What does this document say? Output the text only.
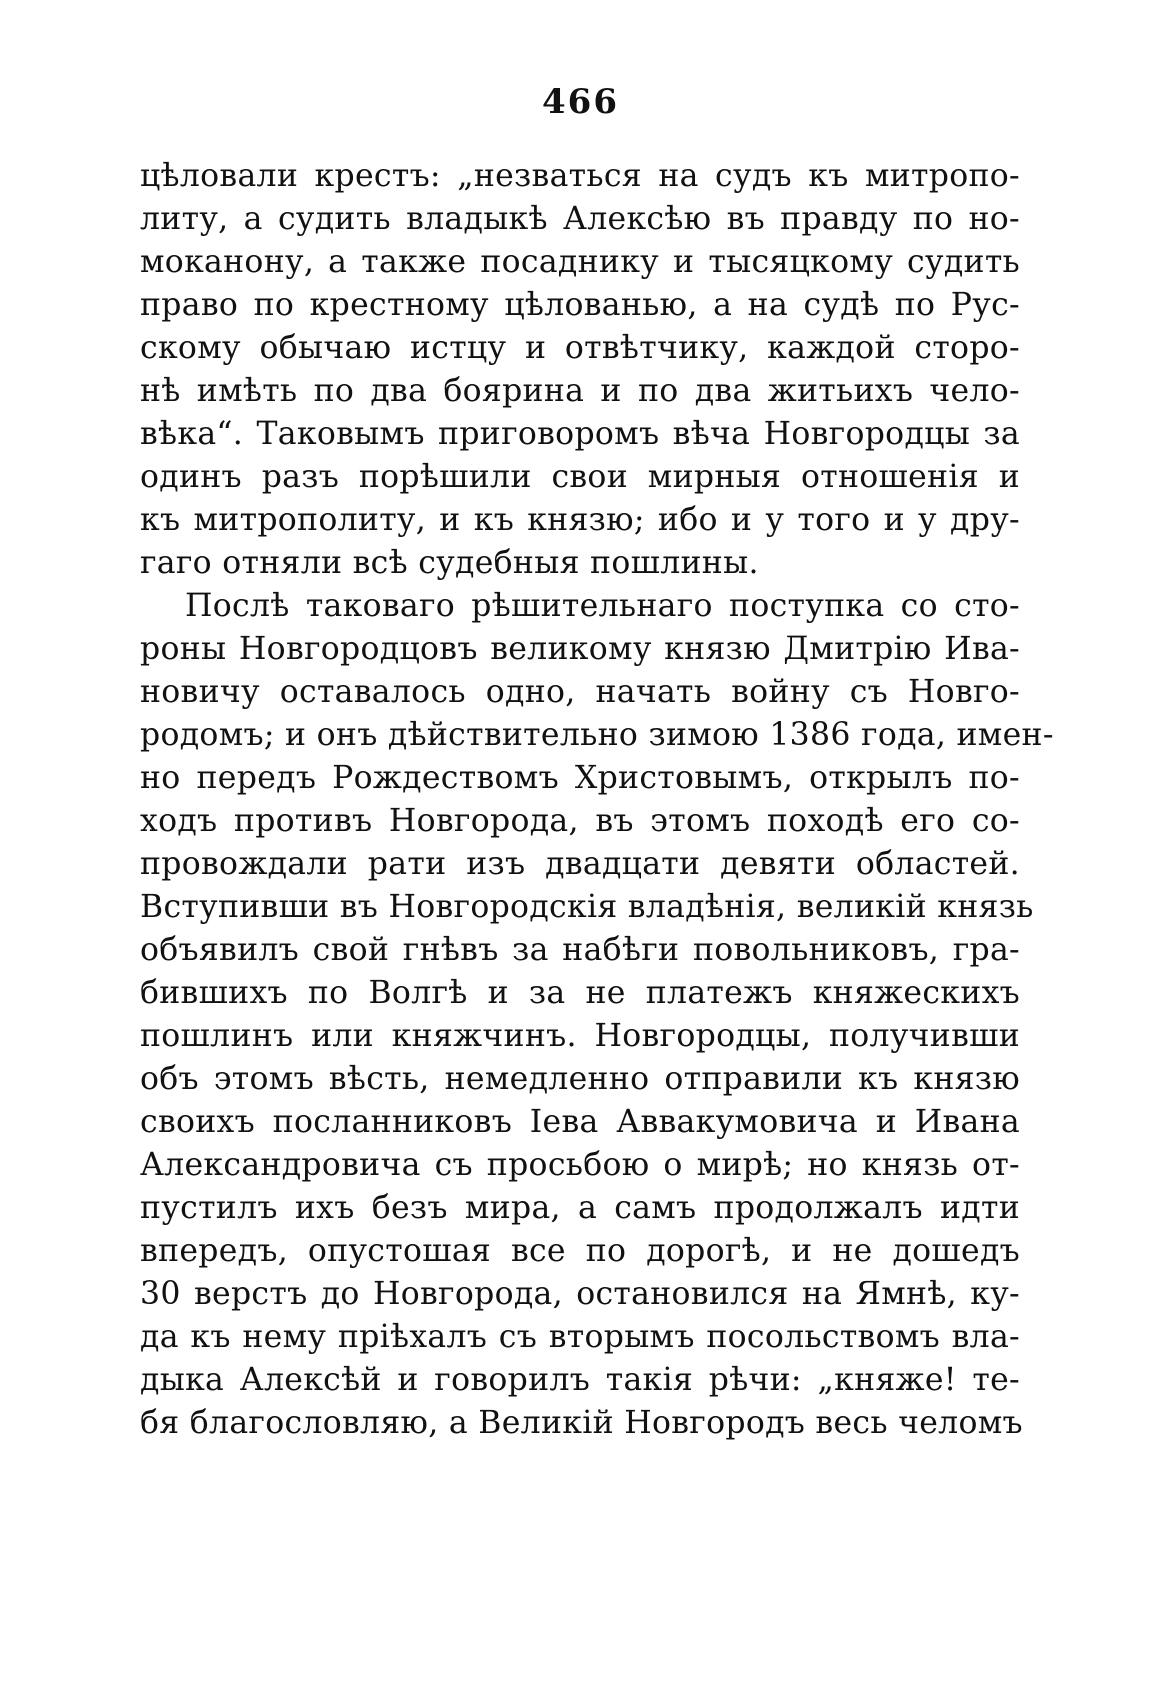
466
цѣловали крестъ: „незваться на судъ къ митропо-
литу, а судить владыкѣ Алексѣю въ правду по но-
моканону, а также посаднику и тысяцкому судить
право по крестному цѣлованью, а на судѣ по Рус-
скому обычаю истцу и отвѣтчику, каждой сторо-
нѣ имѣть по два боярина и по два житьихъ чело-
вѣка“. Таковымъ приговоромъ вѣча Новгородцы за
одинъ разъ порѣшили свои мирныя отношенія и
къ митрополиту, и къ князю; ибо и у того и у дру-
гаго отняли всѣ судебныя пошлины.
Послѣ таковаго рѣшительнаго поступка со сто-
роны Новгородцовъ великому князю Дмитрію Ива-
новичу оставалось одно, начать войну съ Новго-
родомъ; и онъ дѣйствительно зимою 1386 года, имен-
но передъ Рождествомъ Христовымъ, открылъ по-
ходъ противъ Новгорода, въ этомъ походѣ его со-
провождали рати изъ двадцати девяти областей.
Вступивши въ Новгородскія владѣнія, великій князь
объявилъ свой гнѣвъ за набѣги повольниковъ, гра-
бившихъ по Волгѣ и за не платежъ княжескихъ
пошлинъ или княжчинъ. Новгородцы, получивши
объ этомъ вѣсть, немедленно отправили къ князю
своихъ посланниковъ Іева Аввакумовича и Ивана
Александровича съ просьбою о мирѣ; но князь от-
пустилъ ихъ безъ мира, а самъ продолжалъ идти
впередъ, опустошая все по дорогѣ, и не дошедъ
30 верстъ до Новгорода, остановился на Ямнѣ, ку-
да къ нему пріѣхалъ съ вторымъ посольствомъ вла-
дыка Алексѣй и говорилъ такія рѣчи: „княже! те-
бя благословляю, а Великій Новгородъ весь челомъ
